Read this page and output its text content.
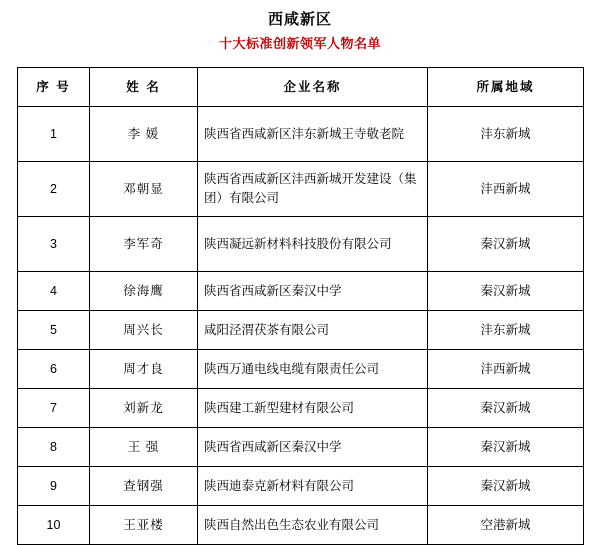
西咸新区
十大标准创新领军人物名单
序 号	姓 名	企业名称	所属地域
1	李 媛	陕西省西咸新区沣东新城王寺敬老院	沣东新城
2	邓朝显	陕西省西咸新区沣西新城开发建设（集团）有限公司	沣西新城
3	李军奇	陕西凝远新材料科技股份有限公司	秦汉新城
4	徐海鹰	陕西省西咸新区秦汉中学	秦汉新城
5	周兴长	咸阳泾渭茯茶有限公司	沣东新城
6	周才良	陕西万通电线电缆有限责任公司	沣西新城
7	刘新龙	陕西建工新型建材有限公司	秦汉新城
8	王 强	陕西省西咸新区秦汉中学	秦汉新城
9	查钢强	陕西迪泰克新材料有限公司	秦汉新城
10	王亚楼	陕西自然出色生态农业有限公司	空港新城
